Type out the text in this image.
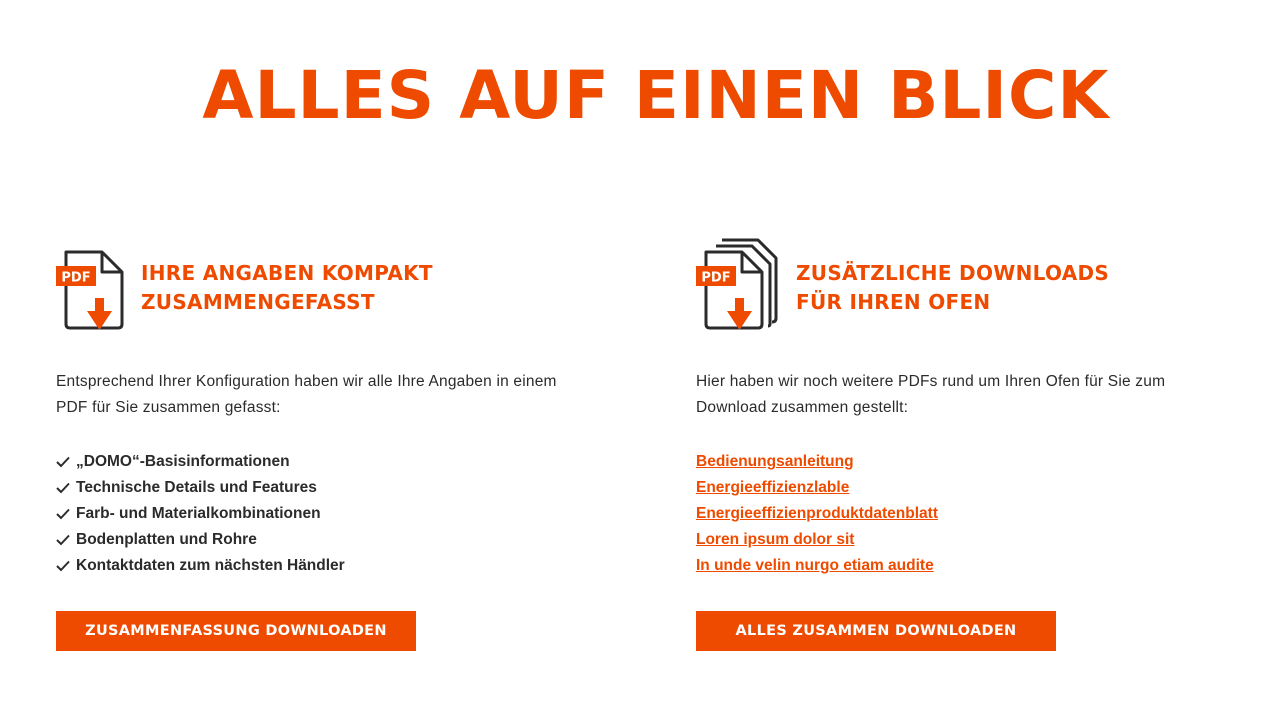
ALLES AUF EINEN BLICK
PDF	IHRE ANGABEN KOMPAKT
ZUSAMMENGEFASST

Entsprechend Ihrer Konfiguration haben wir alle Ihre Angaben in einem PDF für Sie zusammen gefasst:

„DOMO“-Basisinformationen
Technische Details und Features
Farb- und Materialkombinationen
Bodenplatten und Rohre
Kontaktdaten zum nächsten Händler
ZUSAMMENFASSUNG DOWNLOADEN
PDF	ZUSÄTZLICHE DOWNLOADS
FÜR IHREN OFEN

Hier haben wir noch weitere PDFs rund um Ihren Ofen für Sie zum Download zusammen gestellt:

Bedienungsanleitung
Energieeffizienzlable
Energieeffizienproduktdatenblatt
Loren ipsum dolor sit
In unde velin nurgo etiam audite
ALLES ZUSAMMEN DOWNLOADEN
